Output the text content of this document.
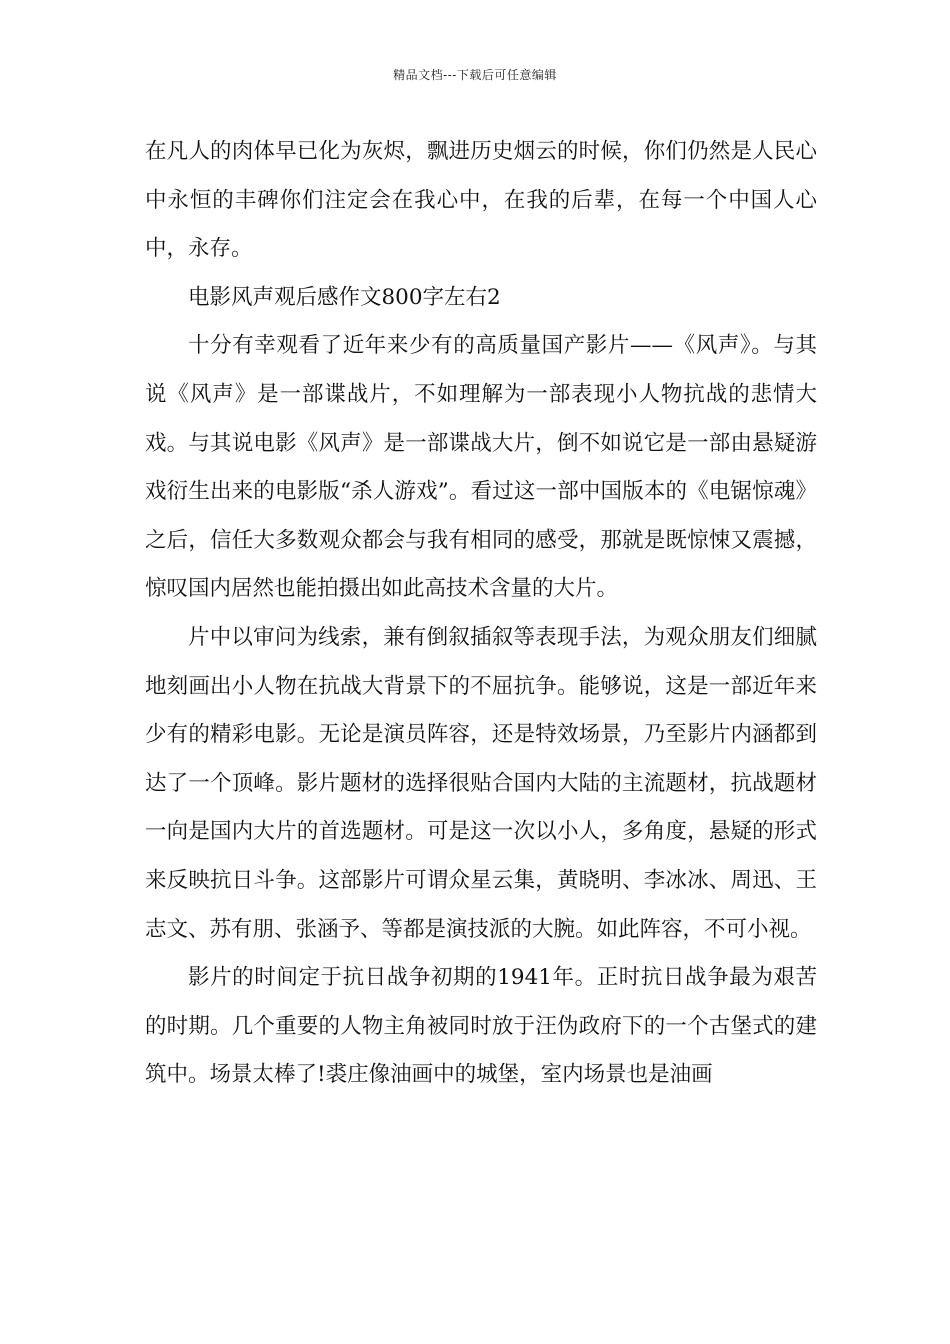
精品文档---下载后可任意编辑

在凡人的肉体早已化为灰烬，飘进历史烟云的时候，你们仍然是人民心中永恒的丰碑你们注定会在我心中，在我的后辈，在每一个中国人心中，永存。

电影风声观后感作文800字左右2

十分有幸观看了近年来少有的高质量国产影片——《风声》。与其说《风声》是一部谍战片，不如理解为一部表现小人物抗战的悲情大戏。与其说电影《风声》是一部谍战大片，倒不如说它是一部由悬疑游戏衍生出来的电影版“杀人游戏”。看过这一部中国版本的《电锯惊魂》之后，信任大多数观众都会与我有相同的感受，那就是既惊悚又震撼，惊叹国内居然也能拍摄出如此高技术含量的大片。

片中以审问为线索，兼有倒叙插叙等表现手法，为观众朋友们细腻地刻画出小人物在抗战大背景下的不屈抗争。能够说，这是一部近年来少有的精彩电影。无论是演员阵容，还是特效场景，乃至影片内涵都到达了一个顶峰。影片题材的选择很贴合国内大陆的主流题材，抗战题材一向是国内大片的首选题材。可是这一次以小人，多角度，悬疑的形式来反映抗日斗争。这部影片可谓众星云集，黄晓明、李冰冰、周迅、王志文、苏有朋、张涵予、等都是演技派的大腕。如此阵容，不可小视。

影片的时间定于抗日战争初期的1941年。正时抗日战争最为艰苦的时期。几个重要的人物主角被同时放于汪伪政府下的一个古堡式的建筑中。场景太棒了!裘庄像油画中的城堡，室内场景也是油画
